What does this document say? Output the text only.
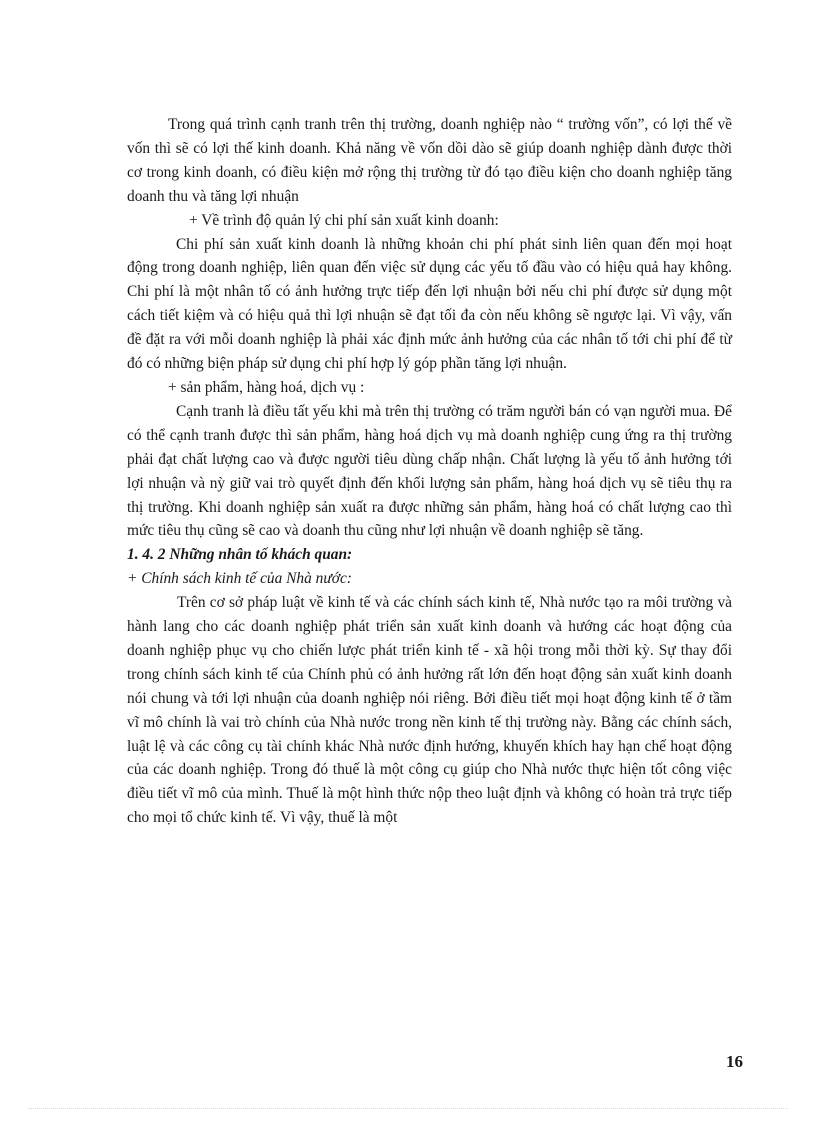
Trong quá trình cạnh tranh trên thị trường, doanh nghiệp nào “ trường vốn”, có lợi thế về vốn thì sẽ có lợi thế kinh doanh. Khả năng về vốn dồi dào sẽ giúp doanh nghiệp dành được thời cơ trong kinh doanh, có điều kiện mở rộng thị trường từ đó tạo điều kiện cho doanh nghiệp tăng doanh thu và tăng lợi nhuận

+ Về trình độ quản lý chi phí sản xuất kinh doanh:

Chi phí sản xuất kinh doanh là những khoản chi phí phát sinh liên quan đến mọi hoạt động trong doanh nghiệp, liên quan đến việc sử dụng các yếu tố đầu vào có hiệu quả hay không. Chi phí là một nhân tố có ảnh hưởng trực tiếp đến lợi nhuận bởi nếu chi phí được sử dụng một cách tiết kiệm và có hiệu quả thì lợi nhuận sẽ đạt tối đa còn nếu không sẽ ngược lại. Vì vậy, vấn đề đặt ra với mỗi doanh nghiệp là phải xác định mức ảnh hưởng của các nhân tố tới chi phí để từ đó có những biện pháp sử dụng chi phí hợp lý góp phần tăng lợi nhuận.

+ sản phẩm, hàng hoá, dịch vụ :

Cạnh tranh là điều tất yếu khi mà trên thị trường có trăm người bán có vạn người mua. Để có thể cạnh tranh được thì sản phẩm, hàng hoá dịch vụ mà doanh nghiệp cung ứng ra thị trường phải đạt chất lượng cao và được người tiêu dùng chấp nhận. Chất lượng là yếu tố ảnh hưởng tới lợi nhuận và nỳ giữ vai trò quyết định đến khối lượng sản phẩm, hàng hoá dịch vụ sẽ tiêu thụ ra thị trường. Khi doanh nghiệp sản xuất ra được những sản phẩm, hàng hoá có chất lượng cao thì mức tiêu thụ cũng sẽ cao và doanh thu cũng như lợi nhuận về doanh nghiệp sẽ tăng.

1. 4. 2 Những nhân tố khách quan:

+ Chính sách kinh tế của Nhà nước:

Trên cơ sở pháp luật về kinh tế và các chính sách kinh tế, Nhà nước tạo ra môi trường và hành lang cho các doanh nghiệp phát triển sản xuất kinh doanh và hướng các hoạt động của doanh nghiệp phục vụ cho chiến lược phát triển kinh tế - xã hội trong mỗi thời kỳ. Sự thay đổi trong chính sách kinh tế của Chính phủ có ảnh hưởng rất lớn đến hoạt động sản xuất kinh doanh nói chung và tới lợi nhuận của doanh nghiệp nói riêng. Bởi điều tiết mọi hoạt động kinh tế ở tầm vĩ mô chính là vai trò chính của Nhà nước trong nền kinh tế thị trường này. Bằng các chính sách, luật lệ và các công cụ tài chính khác Nhà nước định hướng, khuyến khích hay hạn chế hoạt động của các doanh nghiệp. Trong đó thuế là một công cụ giúp cho Nhà nước thực hiện tốt công việc điều tiết vĩ mô của mình. Thuế là một hình thức nộp theo luật định và không có hoàn trả trực tiếp cho mọi tổ chức kinh tế. Vì vậy, thuế là một

16
